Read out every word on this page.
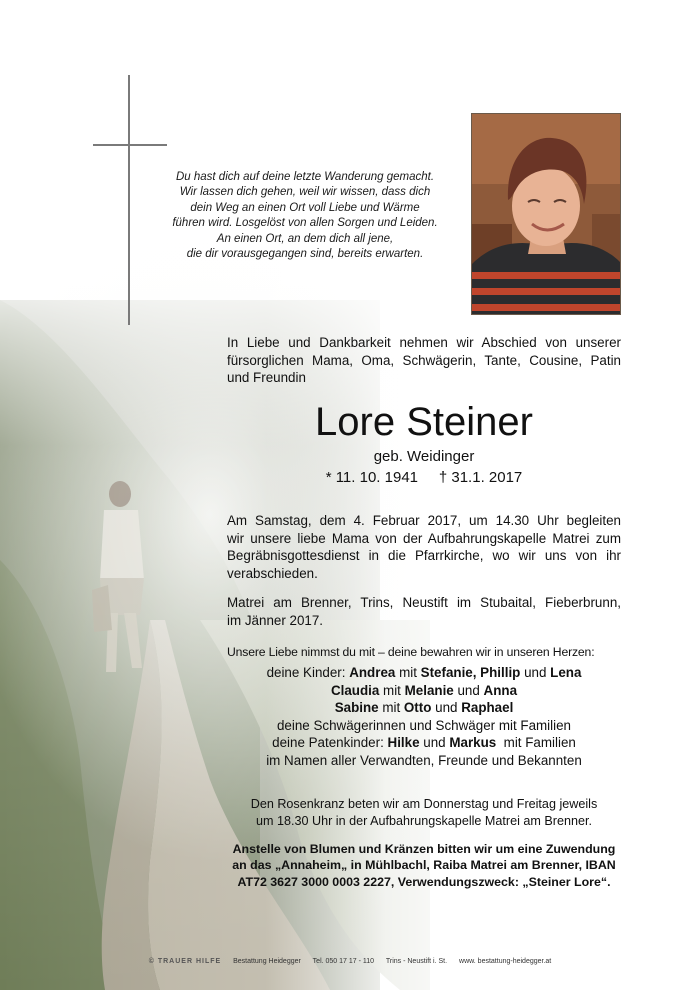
Du hast dich auf deine letzte Wanderung gemacht.
Wir lassen dich gehen, weil wir wissen, dass dich
dein Weg an einen Ort voll Liebe und Wärme
führen wird. Losgelöst von allen Sorgen und Leiden.
An einen Ort, an dem dich all jene,
die dir vorausgegangen sind, bereits erwarten.

In Liebe und Dankbarkeit nehmen wir Abschied von unserer
fürsorglichen Mama, Oma, Schwägerin, Tante, Cousine, Patin
und Freundin

Lore Steiner
geb. Weidinger
* 11. 10. 1941 † 31.1. 2017
Am Samstag, dem 4. Februar 2017, um 14.30 Uhr begleiten
wir unsere liebe Mama von der Aufbahrungskapelle Matrei zum
Begräbnisgottesdienst in die Pfarrkirche, wo wir uns von ihr
verabschieden.
Matrei am Brenner, Trins, Neustift im Stubaital, Fieberbrunn,
im Jänner 2017.
Unsere Liebe nimmst du mit – deine bewahren wir in unseren Herzen:
deine Kinder: Andrea mit Stefanie, Phillip und Lena
Claudia mit Melanie und Anna
Sabine mit Otto und Raphael
deine Schwägerinnen und Schwäger mit Familien
deine Patenkinder: Hilke und Markus  mit Familien
im Namen aller Verwandten, Freunde und Bekannten
Den Rosenkranz beten wir am Donnerstag und Freitag jeweils
um 18.30 Uhr in der Aufbahrungskapelle Matrei am Brenner.
Anstelle von Blumen und Kränzen bitten wir um eine Zuwendung
an das „Annaheim„ in Mühlbachl, Raiba Matrei am Brenner, IBAN
AT72 3627 3000 0003 2227, Verwendungszweck: „Steiner Lore“.
© TRAUER HILFE Bestattung Heidegger Tel. 050 17 17 - 110 Trins - Neustift i. St. www. bestattung-heidegger.at
